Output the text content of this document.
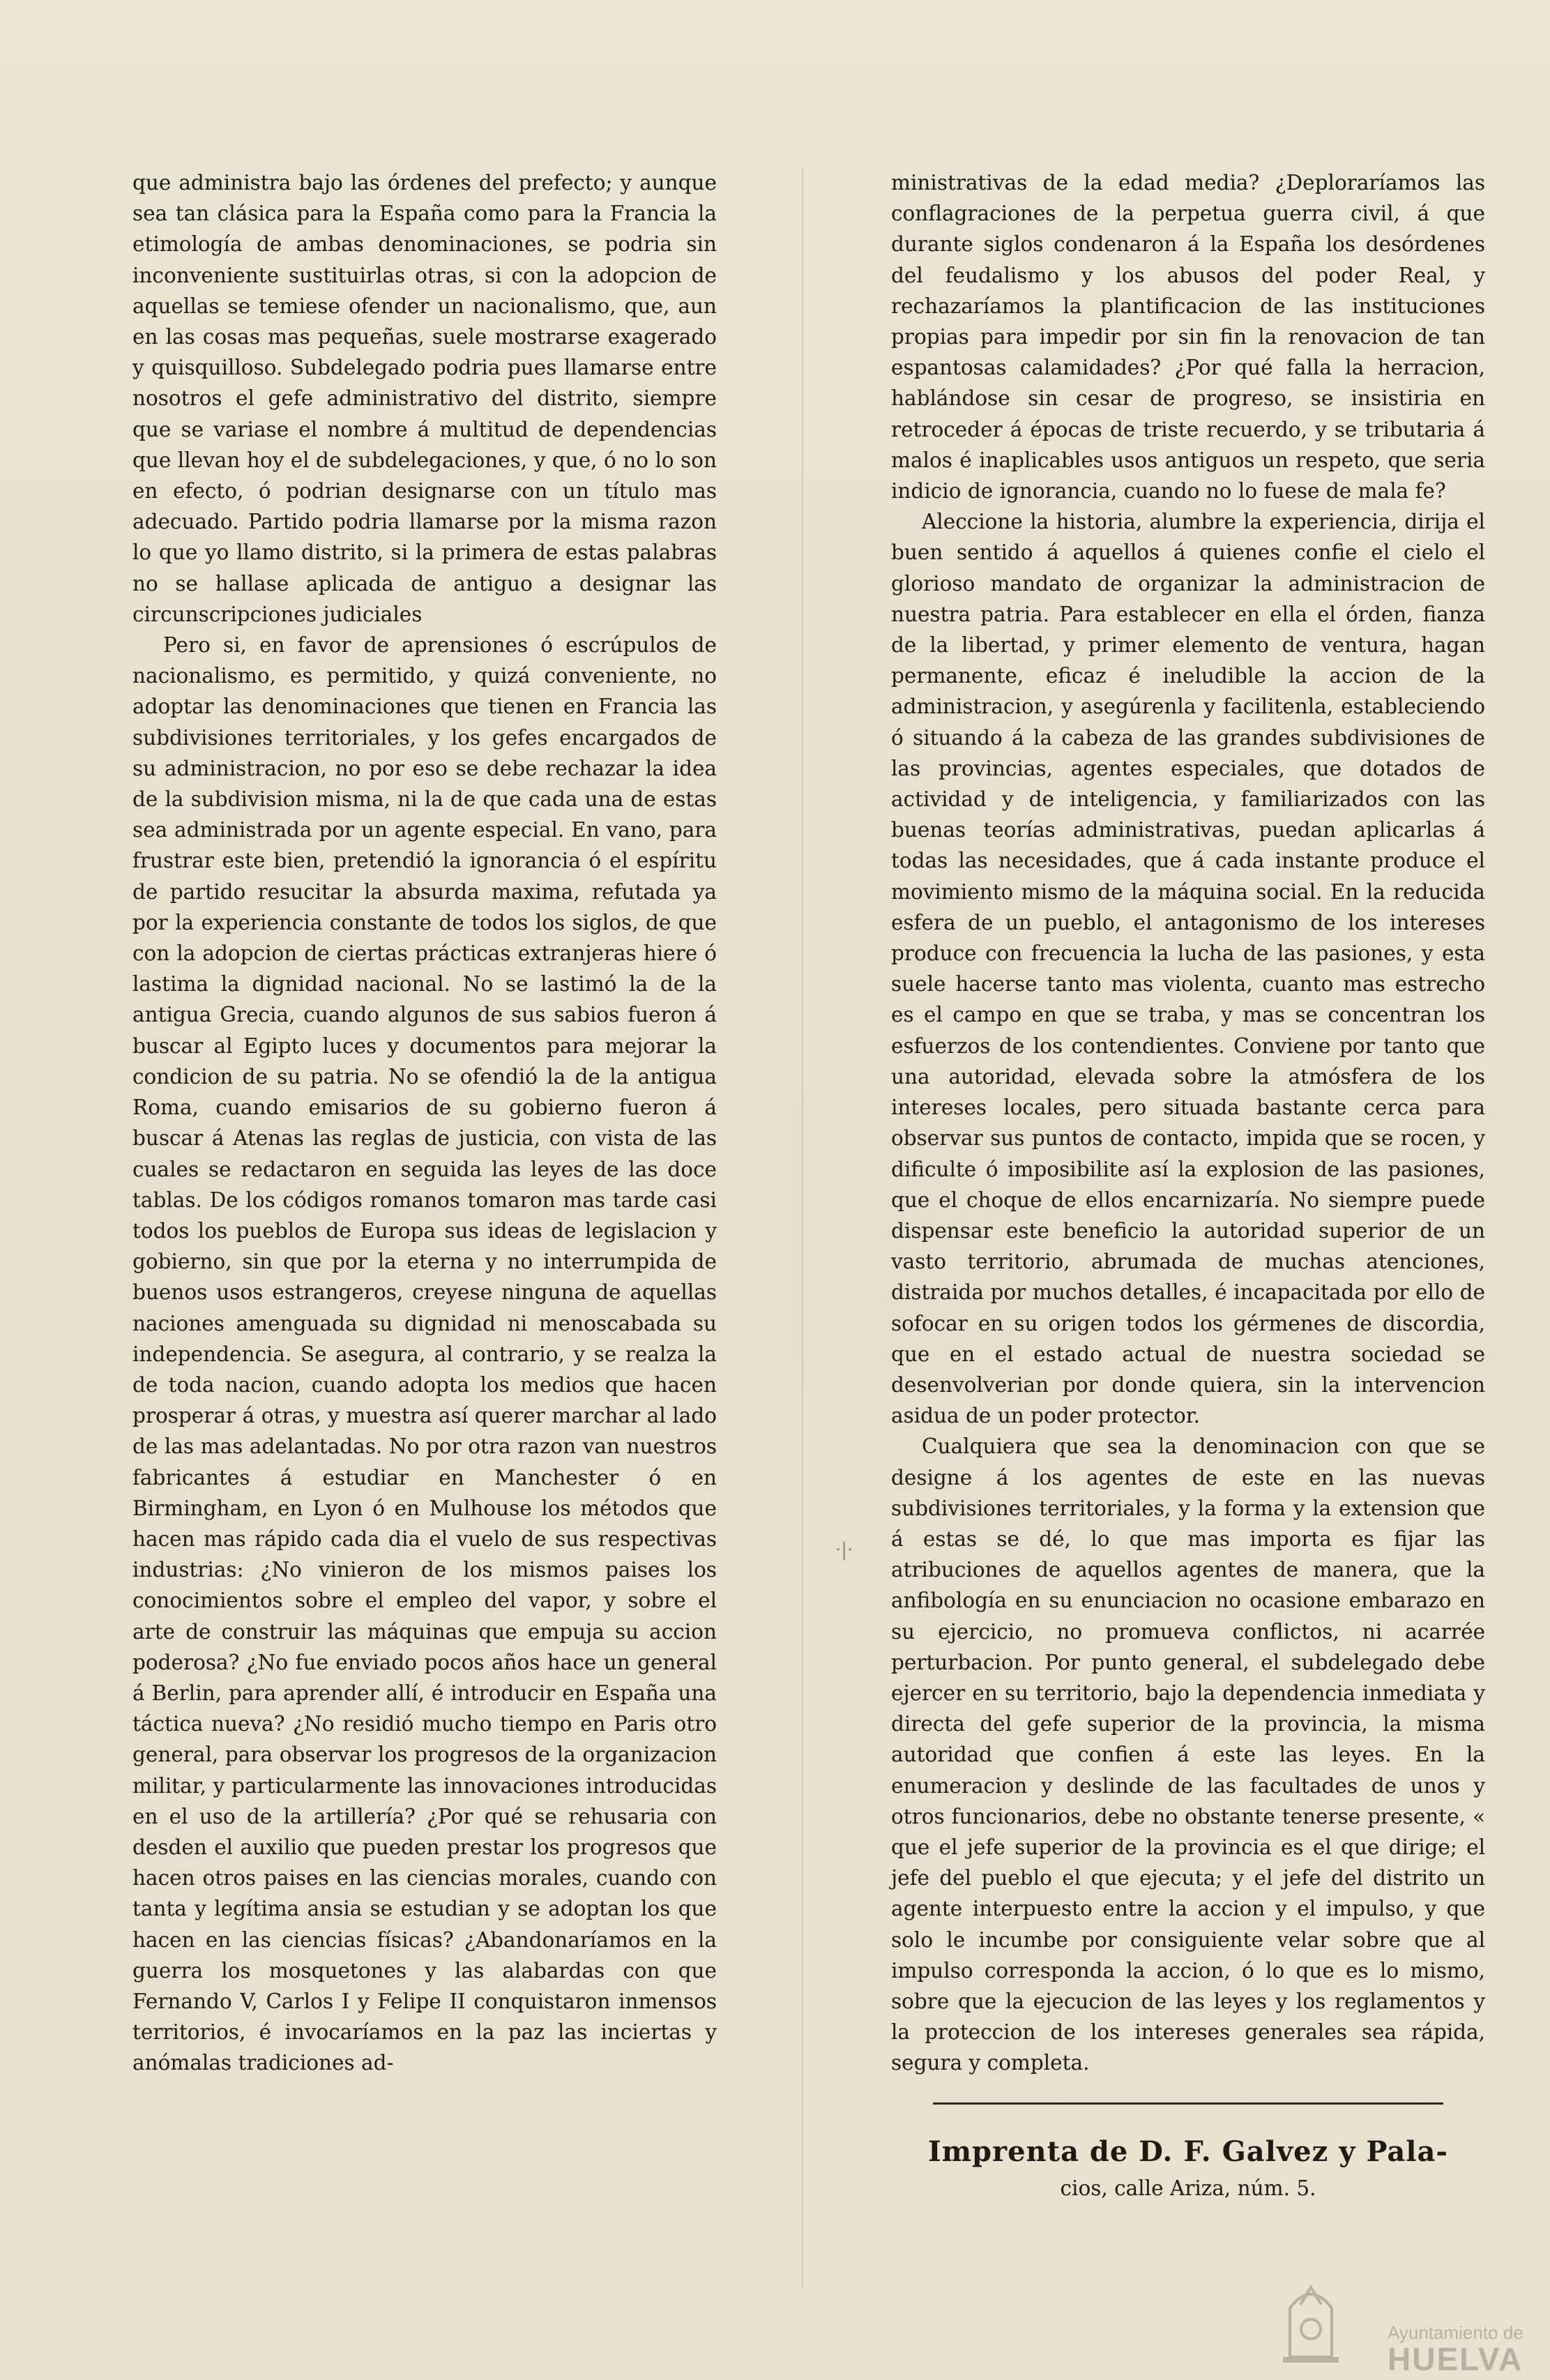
que administra bajo las órdenes del prefecto; y aunque sea tan clásica para la España como para la Francia la etimología de ambas denominaciones, se podria sin inconveniente sustituirlas otras, si con la adopcion de aquellas se temiese ofender un nacionalismo, que, aun en las cosas mas pequeñas, suele mostrarse exagerado y quisquilloso. Subdelegado podria pues llamarse entre nosotros el gefe administrativo del distrito, siempre que se variase el nombre á multitud de dependencias que llevan hoy el de subdelegaciones, y que, ó no lo son en efecto, ó podrian designarse con un título mas adecuado. Partido podria llamarse por la misma razon lo que yo llamo distrito, si la primera de estas palabras no se hallase aplicada de antiguo a designar las circunscripciones judiciales

Pero si, en favor de aprensiones ó escrúpulos de nacionalismo, es permitido, y quizá conveniente, no adoptar las denominaciones que tienen en Francia las subdivisiones territoriales, y los gefes encargados de su administracion, no por eso se debe rechazar la idea de la subdivision misma, ni la de que cada una de estas sea administrada por un agente especial. En vano, para frustrar este bien, pretendió la ignorancia ó el espíritu de partido resucitar la absurda maxima, refutada ya por la experiencia constante de todos los siglos, de que con la adopcion de ciertas prácticas extranjeras hiere ó lastima la dignidad nacional. No se lastimó la de la antigua Grecia, cuando algunos de sus sabios fueron á buscar al Egipto luces y documentos para mejorar la condicion de su patria. No se ofendió la de la antigua Roma, cuando emisarios de su gobierno fueron á buscar á Atenas las reglas de justicia, con vista de las cuales se redactaron en seguida las leyes de las doce tablas. De los códigos romanos tomaron mas tarde casi todos los pueblos de Europa sus ideas de legislacion y gobierno, sin que por la eterna y no interrumpida de buenos usos estrangeros, creyese ninguna de aquellas naciones amenguada su dignidad ni menoscabada su independencia. Se asegura, al contrario, y se realza la de toda nacion, cuando adopta los medios que hacen prosperar á otras, y muestra así querer marchar al lado de las mas adelantadas. No por otra razon van nuestros fabricantes á estudiar en Manchester ó en Birmingham, en Lyon ó en Mulhouse los métodos que hacen mas rápido cada dia el vuelo de sus respectivas industrias: ¿No vinieron de los mismos paises los conocimientos sobre el empleo del vapor, y sobre el arte de construir las máquinas que empuja su accion poderosa? ¿No fue enviado pocos años hace un general á Berlin, para aprender allí, é introducir en España una táctica nueva? ¿No residió mucho tiempo en Paris otro general, para observar los progresos de la organizacion militar, y particularmente las innovaciones introducidas en el uso de la artillería? ¿Por qué se rehusaria con desden el auxilio que pueden prestar los progresos que hacen otros paises en las ciencias morales, cuando con tanta y legítima ansia se estudian y se adoptan los que hacen en las ciencias físicas? ¿Abandonaríamos en la guerra los mosquetones y las alabardas con que Fernando V, Carlos I y Felipe II conquistaron inmensos territorios, é invocaríamos en la paz las inciertas y anómalas tradiciones ad-

·|·

ministrativas de la edad media? ¿Deploraríamos las conflagraciones de la perpetua guerra civil, á que durante siglos condenaron á la España los desórdenes del feudalismo y los abusos del poder Real, y rechazaríamos la plantificacion de las instituciones propias para impedir por sin fin la renovacion de tan espantosas calamidades? ¿Por qué falla la herracion, hablándose sin cesar de progreso, se insistiria en retroceder á épocas de triste recuerdo, y se tributaria á malos é inaplicables usos antiguos un respeto, que seria indicio de ignorancia, cuando no lo fuese de mala fe?

Aleccione la historia, alumbre la experiencia, dirija el buen sentido á aquellos á quienes confie el cielo el glorioso mandato de organizar la administracion de nuestra patria. Para establecer en ella el órden, fianza de la libertad, y primer elemento de ventura, hagan permanente, eficaz é ineludible la accion de la administracion, y asegúrenla y facilitenla, estableciendo ó situando á la cabeza de las grandes subdivisiones de las provincias, agentes especiales, que dotados de actividad y de inteligencia, y familiarizados con las buenas teorías administrativas, puedan aplicarlas á todas las necesidades, que á cada instante produce el movimiento mismo de la máquina social. En la reducida esfera de un pueblo, el antagonismo de los intereses produce con frecuencia la lucha de las pasiones, y esta suele hacerse tanto mas violenta, cuanto mas estrecho es el campo en que se traba, y mas se concentran los esfuerzos de los contendientes. Conviene por tanto que una autoridad, elevada sobre la atmósfera de los intereses locales, pero situada bastante cerca para observar sus puntos de contacto, impida que se rocen, y dificulte ó imposibilite así la explosion de las pasiones, que el choque de ellos encarnizaría. No siempre puede dispensar este beneficio la autoridad superior de un vasto territorio, abrumada de muchas atenciones, distraida por muchos detalles, é incapacitada por ello de sofocar en su origen todos los gérmenes de discordia, que en el estado actual de nuestra sociedad se desenvolverian por donde quiera, sin la intervencion asidua de un poder protector.

Cualquiera que sea la denominacion con que se designe á los agentes de este en las nuevas subdivisiones territoriales, y la forma y la extension que á estas se dé, lo que mas importa es fijar las atribuciones de aquellos agentes de manera, que la anfibología en su enunciacion no ocasione embarazo en su ejercicio, no promueva conflictos, ni acarrée perturbacion. Por punto general, el subdelegado debe ejercer en su territorio, bajo la dependencia inmediata y directa del gefe superior de la provincia, la misma autoridad que confien á este las leyes. En la enumeracion y deslinde de las facultades de unos y otros funcionarios, debe no obstante tenerse presente, « que el jefe superior de la provincia es el que dirige; el jefe del pueblo el que ejecuta; y el jefe del distrito un agente interpuesto entre la accion y el impulso, y que solo le incumbe por consiguiente velar sobre que al impulso corresponda la accion, ó lo que es lo mismo, sobre que la ejecucion de las leyes y los reglamentos y la proteccion de los intereses generales sea rápida, segura y completa.

Imprenta de D. F. Galvez y Pala-
cios, calle Ariza, núm. 5.
Ayuntamiento de
HUELVA
